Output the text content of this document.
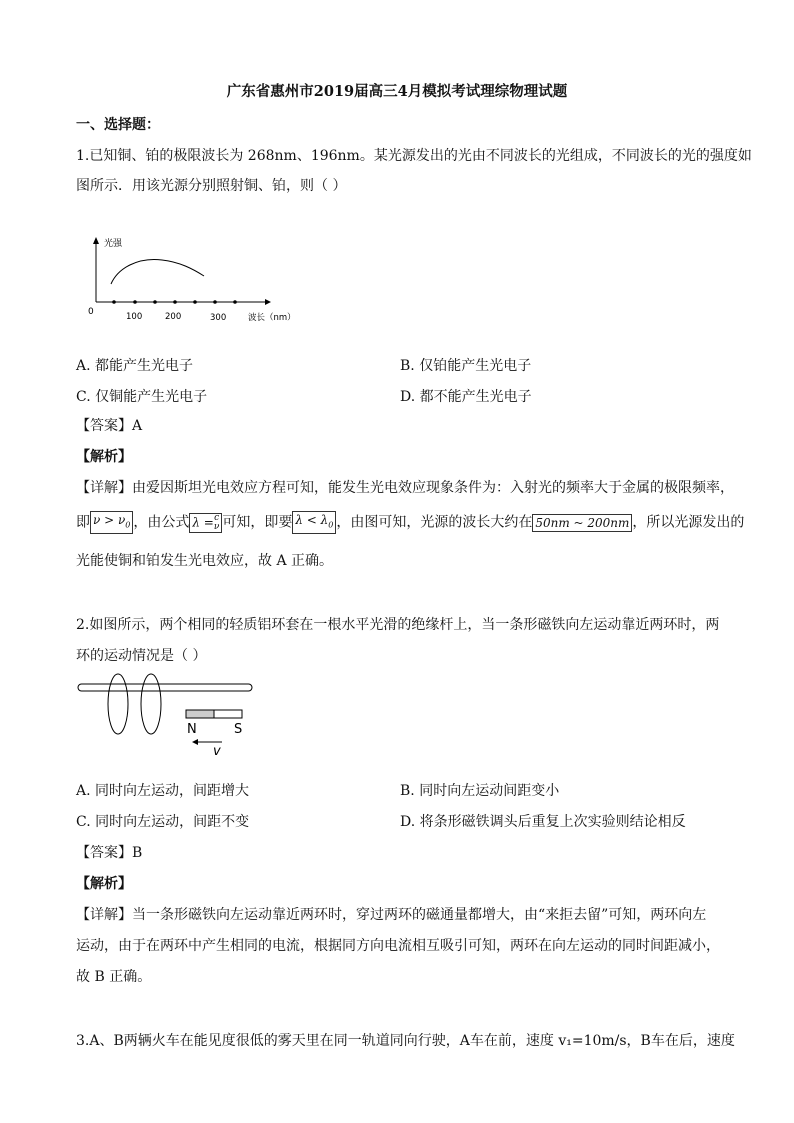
广东省惠州市2019届高三4月模拟考试理综物理试题
一、选择题：
1.已知铜、铂的极限波长为 268nm、196nm。某光源发出的光由不同波长的光组成，不同波长的光的强度如
图所示．用该光源分别照射铜、铂，则（ ）
光强
0	100	200	300	波长（nm）
A. 都能产生光电子	B. 仅铂能产生光电子
C. 仅铜能产生光电子	D. 都不能产生光电子
【答案】A
【解析】
【详解】由爱因斯坦光电效应方程可知，能发生光电效应现象条件为：入射光的频率大于金属的极限频率，
即 $\nu > \nu_0$ ，由公式 λ = c
ν 可知，即要 $\lambda < \lambda_0$ ，由图可知，光源的波长大约在 50nm ~ 200nm ，所以光源发出的
光能使铜和铂发生光电效应，故 A 正确。
2.如图所示，两个相同的轻质铝环套在一根水平光滑的绝缘杆上，当一条形磁铁向左运动靠近两环时，两
环的运动情况是（ ）
N	S
v
A. 同时向左运动，间距增大	B. 同时向左运动间距变小
C. 同时向左运动，间距不变	D. 将条形磁铁调头后重复上次实验则结论相反
【答案】B
【解析】
【详解】当一条形磁铁向左运动靠近两环时，穿过两环的磁通量都增大，由“来拒去留”可知，两环向左
运动，由于在两环中产生相同的电流，根据同方向电流相互吸引可知，两环在向左运动的同时间距减小，
故 B 正确。
3.A、B两辆火车在能见度很低的雾天里在同一轨道同向行驶，A车在前，速度 v₁=10m/s，B车在后，速度
